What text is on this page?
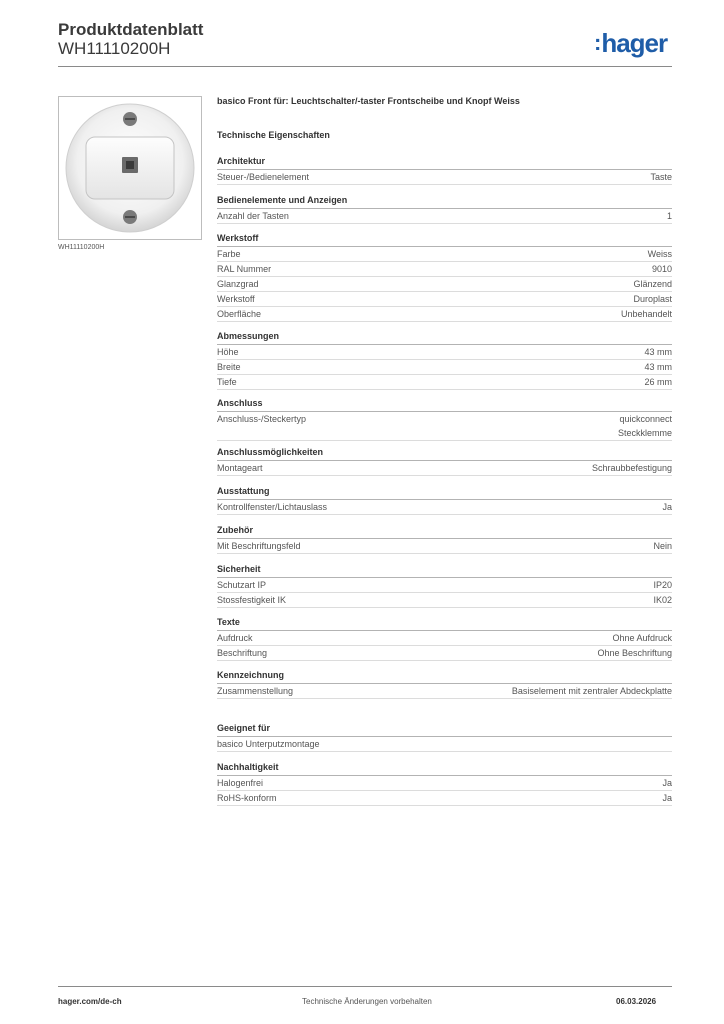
Produktdatenblatt
WH11110200H	:hager
WH11110200H
basico Front für: Leuchtschalter/-taster Frontscheibe und Knopf Weiss
Technische Eigenschaften
Architektur
Steuer-/Bedienelement	Taste
Bedienelemente und Anzeigen
Anzahl der Tasten	1
Werkstoff
Farbe	Weiss
RAL Nummer	9010
Glanzgrad	Glänzend
Werkstoff	Duroplast
Oberfläche	Unbehandelt
Abmessungen
Höhe	43 mm
Breite	43 mm
Tiefe	26 mm
Anschluss
Anschluss-/Steckertyp	quickconnect
Steckklemme
Anschlussmöglichkeiten
Montageart	Schraubbefestigung
Ausstattung
Kontrollfenster/Lichtauslass	Ja
Zubehör
Mit Beschriftungsfeld	Nein
Sicherheit
Schutzart IP	IP20
Stossfestigkeit IK	IK02
Texte
Aufdruck	Ohne Aufdruck
Beschriftung	Ohne Beschriftung
Kennzeichnung
Zusammenstellung	Basiselement mit zentraler Abdeckplatte
Geeignet für
basico Unterputzmontage
Nachhaltigkeit
Halogenfrei	Ja
RoHS-konform	Ja
hager.com/de-ch	Technische Änderungen vorbehalten	06.03.2026
